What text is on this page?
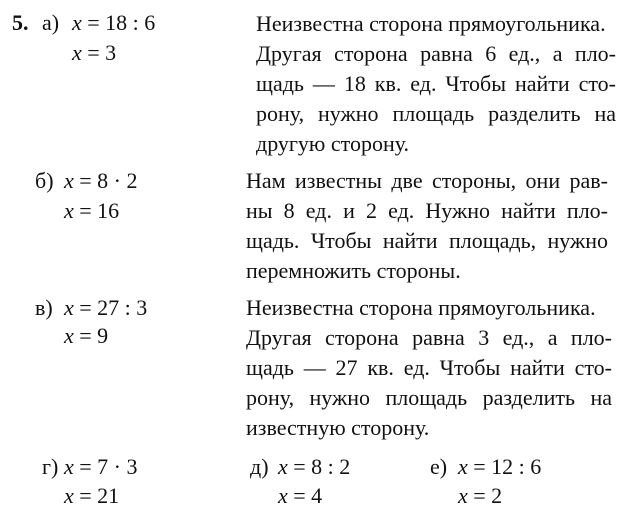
5. а) x = 18 : 6
x = 3
Неизвестна сторона прямоугольника.
Другая сторона равна 6 ед., а пло-
щадь — 18 кв. ед. Чтобы найти сто-
рону, нужно площадь разделить на
другую сторону.
б) x = 8 · 2
x = 16
Нам известны две стороны, они рав-
ны 8 ед. и 2 ед. Нужно найти пло-
щадь. Чтобы найти площадь, нужно
перемножить стороны.
в) x = 27 : 3
x = 9
Неизвестна сторона прямоугольника.
Другая сторона равна 3 ед., а пло-
щадь — 27 кв. ед. Чтобы найти сто-
рону, нужно площадь разделить на
известную сторону.
г) x = 7 · 3
x = 21
д) x = 8 : 2
x = 4
е) x = 12 : 6
x = 2
